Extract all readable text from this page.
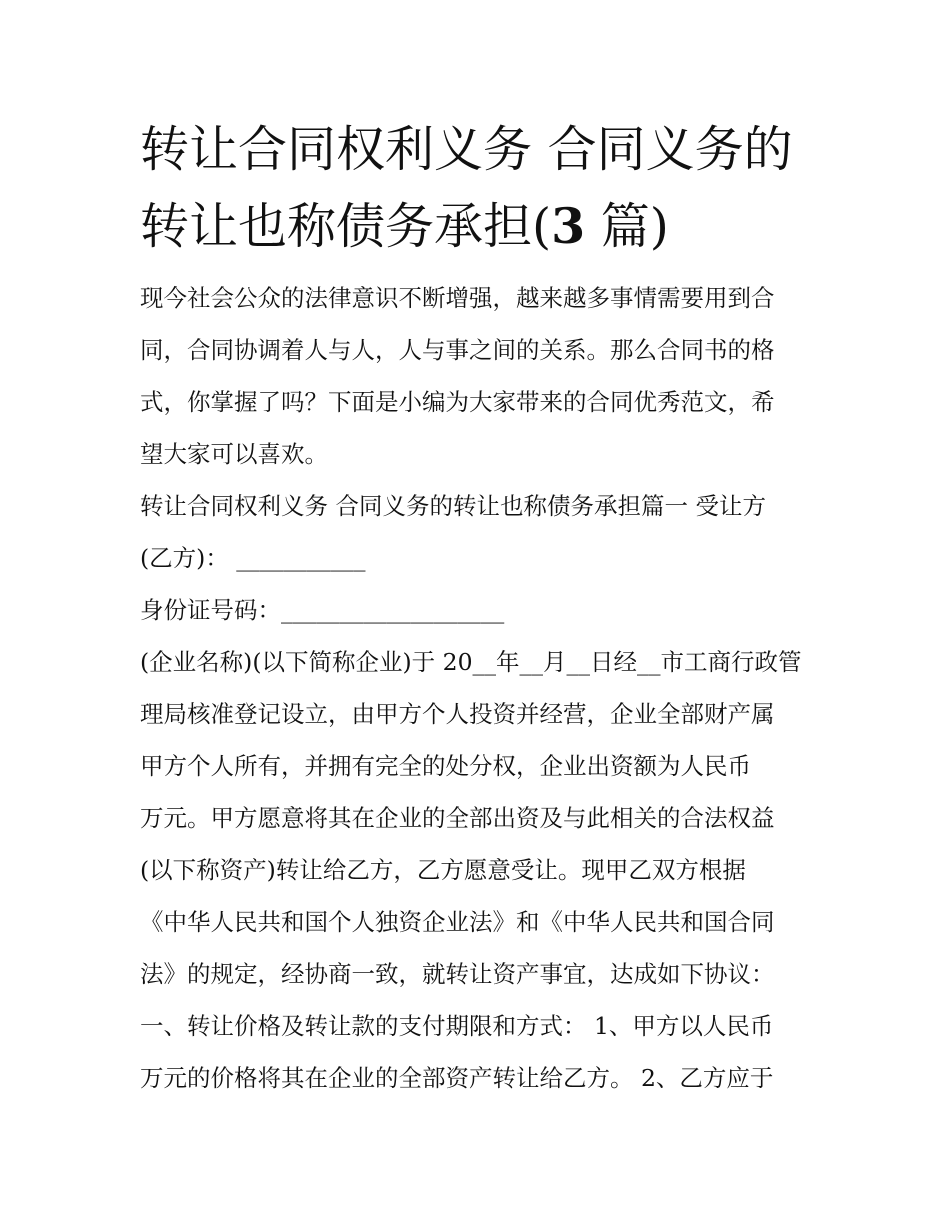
转让合同权利义务 合同义务的
转让也称债务承担(3 篇)
现今社会公众的法律意识不断增强，越来越多事情需要用到合
同，合同协调着人与人，人与事之间的关系。那么合同书的格
式，你掌握了吗？下面是小编为大家带来的合同优秀范文，希
望大家可以喜欢。
转让合同权利义务 合同义务的转让也称债务承担篇一 受让方
(乙方)： ___________
身份证号码：___________________
(企业名称)(以下简称企业)于 20__年__月__日经__市工商行政管
理局核准登记设立，由甲方个人投资并经营，企业全部财产属
甲方个人所有，并拥有完全的处分权，企业出资额为人民币
万元。甲方愿意将其在企业的全部出资及与此相关的合法权益
(以下称资产)转让给乙方，乙方愿意受让。现甲乙双方根据
《中华人民共和国个人独资企业法》和《中华人民共和国合同
法》的规定，经协商一致，就转让资产事宜，达成如下协议：
一、转让价格及转让款的支付期限和方式： 1、甲方以人民币
万元的价格将其在企业的全部资产转让给乙方。 2、乙方应于
